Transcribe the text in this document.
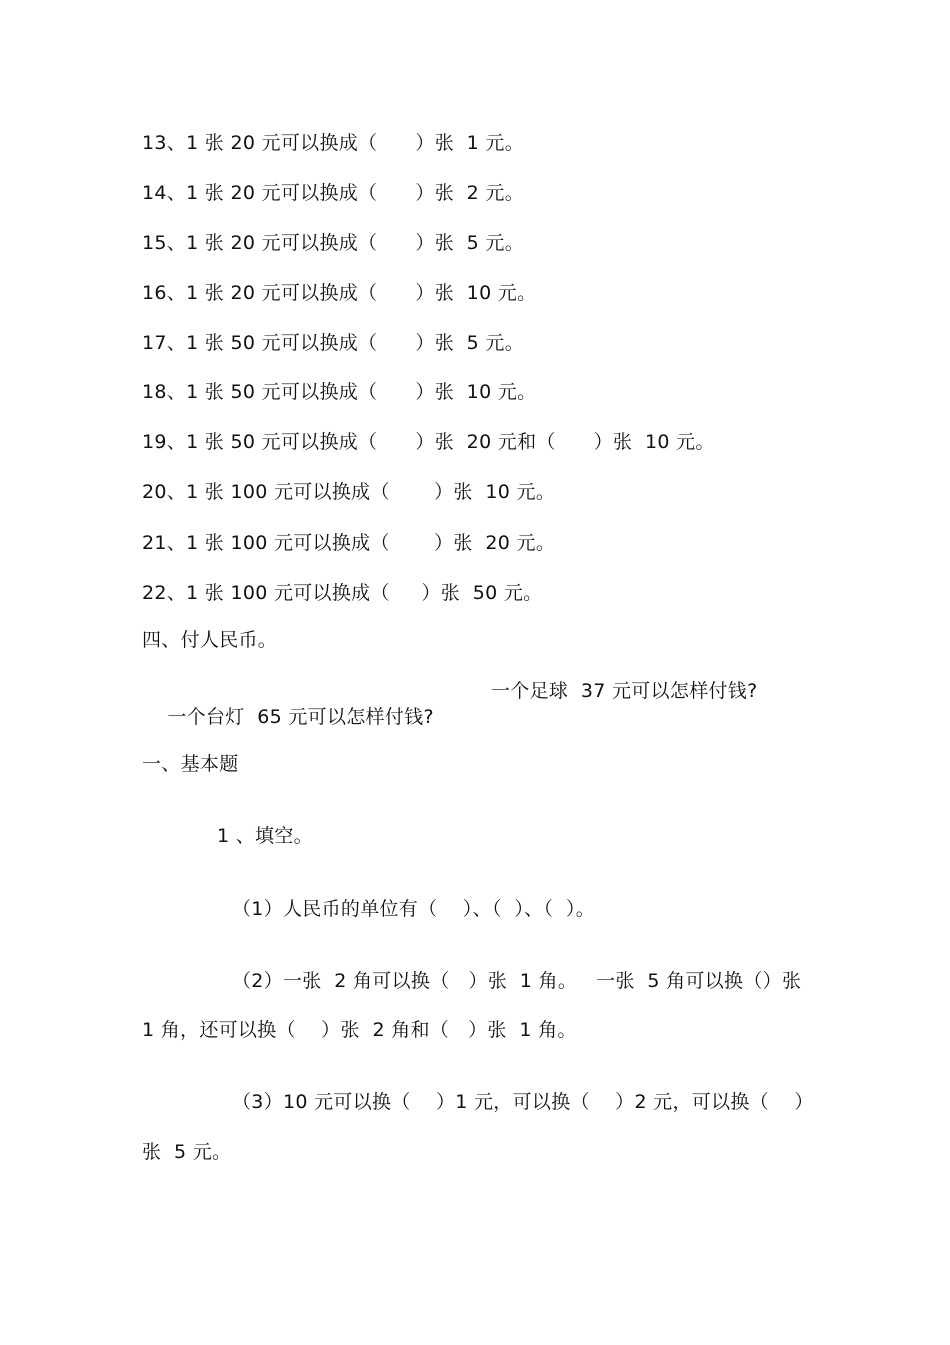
13、1 张 20 元可以换成（      ）张  1 元。
14、1 张 20 元可以换成（      ）张  2 元。
15、1 张 20 元可以换成（      ）张  5 元。
16、1 张 20 元可以换成（      ）张  10 元。
17、1 张 50 元可以换成（      ）张  5 元。
18、1 张 50 元可以换成（      ）张  10 元。
19、1 张 50 元可以换成（      ）张  20 元和（      ）张  10 元。
20、1 张 100 元可以换成（       ）张  10 元。
21、1 张 100 元可以换成（       ）张  20 元。
22、1 张 100 元可以换成（     ）张  50 元。
四、付人民币。

一个台灯  65 元可以怎样付钱?

一个足球  37 元可以怎样付钱?

一、基本题
1 、填空。
（1）人民币的单位有（    ）、（  ）、（  ）。
（2）一张  2 角可以换（   ）张  1 角。   一张  5 角可以换（）张
1 角，还可以换（    ）张  2 角和（   ）张  1 角。
（3）10 元可以换（    ）1 元，可以换（    ）2 元，可以换（    ）
张  5 元。
